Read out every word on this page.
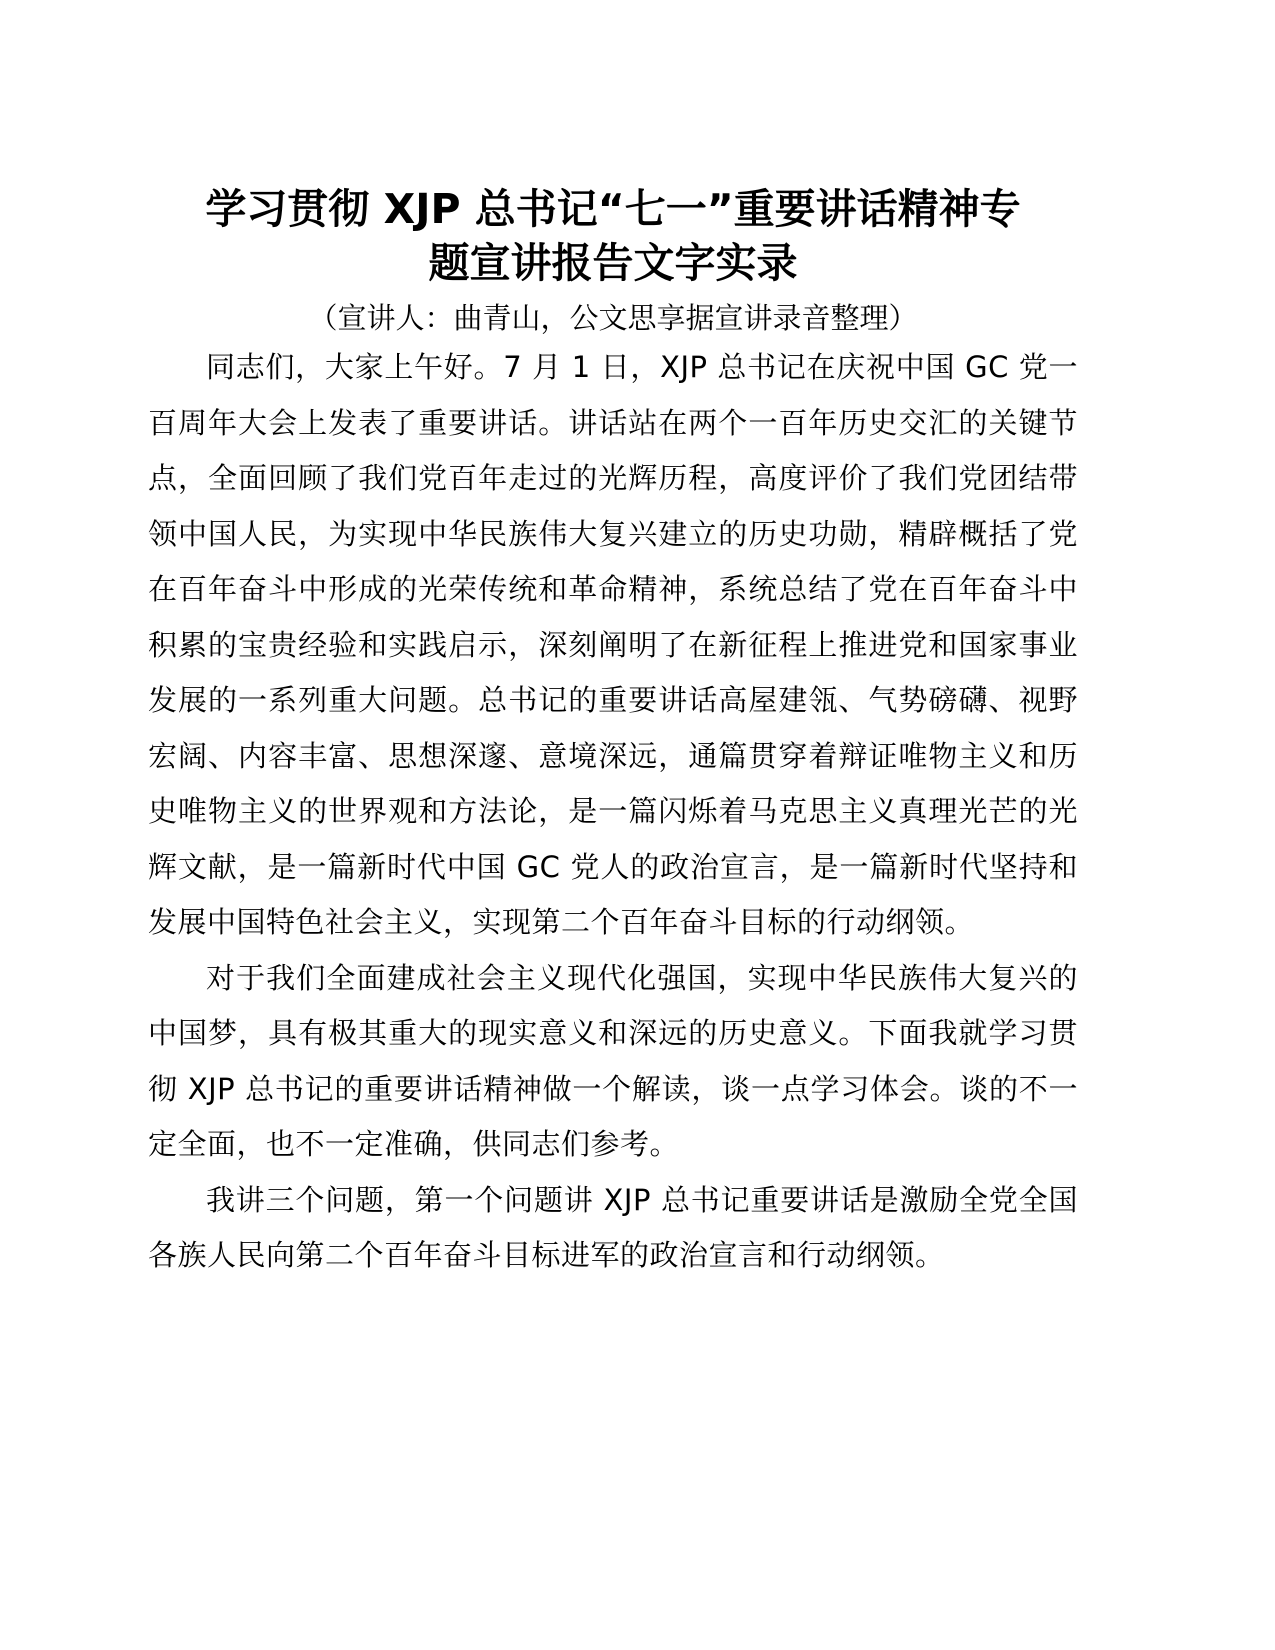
学习贯彻 XJP 总书记“七一”重要讲话精神专
题宣讲报告文字实录

（宣讲人：曲青山，公文思享据宣讲录音整理）

同志们，大家上午好。7 月 1 日，XJP 总书记在庆祝中国 GC 党一百周年大会上发表了重要讲话。讲话站在两个一百年历史交汇的关键节点，全面回顾了我们党百年走过的光辉历程，高度评价了我们党团结带领中国人民，为实现中华民族伟大复兴建立的历史功勋，精辟概括了党在百年奋斗中形成的光荣传统和革命精神，系统总结了党在百年奋斗中积累的宝贵经验和实践启示，深刻阐明了在新征程上推进党和国家事业发展的一系列重大问题。总书记的重要讲话高屋建瓴、气势磅礴、视野宏阔、内容丰富、思想深邃、意境深远，通篇贯穿着辩证唯物主义和历史唯物主义的世界观和方法论，是一篇闪烁着马克思主义真理光芒的光辉文献，是一篇新时代中国 GC 党人的政治宣言，是一篇新时代坚持和发展中国特色社会主义，实现第二个百年奋斗目标的行动纲领。

对于我们全面建成社会主义现代化强国，实现中华民族伟大复兴的中国梦，具有极其重大的现实意义和深远的历史意义。下面我就学习贯彻 XJP 总书记的重要讲话精神做一个解读，谈一点学习体会。谈的不一定全面，也不一定准确，供同志们参考。

我讲三个问题，第一个问题讲 XJP 总书记重要讲话是激励全党全国各族人民向第二个百年奋斗目标进军的政治宣言和行动纲领。
